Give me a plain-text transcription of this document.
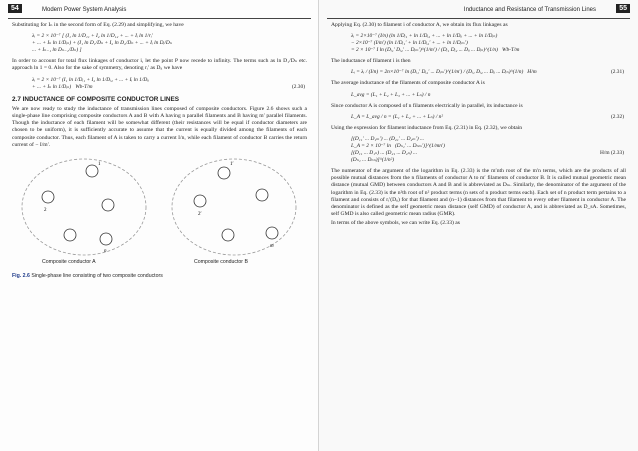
54	Modern Power System Analysis

Substituting for Iₙ in the second form of Eq. (2.29) and simplifying, we have

λᵢ = 2 × 10⁻⁷ [ (I₁ ln 1/D₁₁ + I₂ ln 1/D₁₂ + ... + Iᵢ ln 1/rᵢ′
+ ... + Iₙ ln 1/Dᵢₙ) + (I₁ ln D₁/Dₙ + I₂ ln D₂/Dₙ + ... + Iᵢ ln Dᵢ/Dₙ
... + Iₙ₋₁ ln Dₙ₋₁/Dₙ) ]

In order to account for total flux linkages of conductor i, let the point P now recede to infinity. The terms such as ln D₁/Dₙ etc. approach ln 1 = 0. Also for the sake of symmetry, denoting rᵢ′ as Dᵢᵢ we have

λᵢ = 2 × 10⁻⁷ (I₁ ln 1/Dᵢ₁ + I₂ ln 1/Dᵢ₂ + ... + Iᵢ ln 1/Dᵢᵢ
+ ... + Iₙ ln 1/Dᵢₙ)   Wb-T/m	(2.30)
2.7 INDUCTANCE OF COMPOSITE CONDUCTOR LINES

We are now ready to study the inductance of transmission lines composed of composite conductors. Figure 2.6 shows such a single-phase line comprising composite conductors A and B with A having n parallel filaments and B having m′ parallel filaments. Though the inductance of each filament will be somewhat different (their resistances will be equal if conductor diameters are chosen to be uniform), it is sufficiently accurate to assume that the current is equally divided among the filaments of each composite conductor. Thus, each filament of A is taken to carry a current I/n, while each filament of conductor B carries the return current of − I/m′.

1
2
n
1′
2′
m
Composite conductor A	Composite conductor B
Fig. 2.6 Single-phase line consisting of two composite conductors
Inductance and Resistance of Transmission Lines	55

Applying Eq. (2.30) to filament i of conductor A, we obtain its flux linkages as

λᵢ = 2×10⁻⁷ (I/n) (ln 1/Dᵢ₁ + ln 1/Dᵢ₂ + ... + ln 1/Dᵢᵢ + ... + ln 1/Dᵢₙ)
− 2×10⁻⁷ (I/m′) (ln 1/Dᵢ₁′ + ln 1/Dᵢ₂′ + ... + ln 1/Dᵢₘ′)
= 2 × 10⁻⁷ I ln (Dᵢ₁′ Dᵢ₂′ ... Dᵢₘ′)^(1/m′) / (Dᵢ₁ Dᵢ₂ ... Dᵢᵢ ... Dᵢₙ)^(1/n)   Wb-T/m

The inductance of filament i is then

Lᵢ = λᵢ / (I/n) = 2n×10⁻⁷ ln (Dᵢ₁′ Dᵢ₂′ ... Dᵢₘ′)^(1/m′) / (Dᵢ₁ Dᵢ₂ ... Dᵢᵢ ... Dᵢₙ)^(1/n)   H/m	(2.31)

The average inductance of the filaments of composite conductor A is

L_avg = (L₁ + L₂ + L₃ + ... + Lₙ) / n

Since conductor A is composed of n filaments electrically in parallel, its inductance is

L_A = L_avg / n = (L₁ + L₂ + ... + Lₙ) / n²	(2.32)

Using the expression for filament inductance from Eq. (2.31) in Eq. (2.32), we obtain

[(D₁₁′ ... D₁ₘ′) ... (D₂₁′ ... D₂ₘ′) ...
L_A = 2 × 10⁻⁷ ln   (Dₙ₁′ ... Dₙₘ′)]^(1/mn′)
[(D₁₁ ... D₁ₙ) ... (D₂₁ ... D₂ₙ) ...	H/m (2.33)

(Dₙ₁ ... Dₙₙ)]^(1/n²)

The numerator of the argument of the logarithm in Eq. (2.33) is the m′nth root of the m′n terms, which are the products of all possible mutual distances from the n filaments of conductor A to m′ filaments of conductor B. It is called mutual geometric mean distance (mutual GMD) between conductors A and B and is abbreviated as Dₘ. Similarly, the denominator of the argument of the logarithm in Eq. (2.33) is the n²th root of n² product terms (n sets of n product terms each). Each set of n product term pertains to a filament and consists of rᵢ′(Dᵢᵢ) for that filament and (n−1) distances from that filament to every other filament in conductor A. The denominator is defined as the self geometric mean distance (self GMD) of conductor A, and is abbreviated as D_sA. Sometimes, self GMD is also called geometric mean radius (GMR).

In terms of the above symbols, we can write Eq. (2.33) as
